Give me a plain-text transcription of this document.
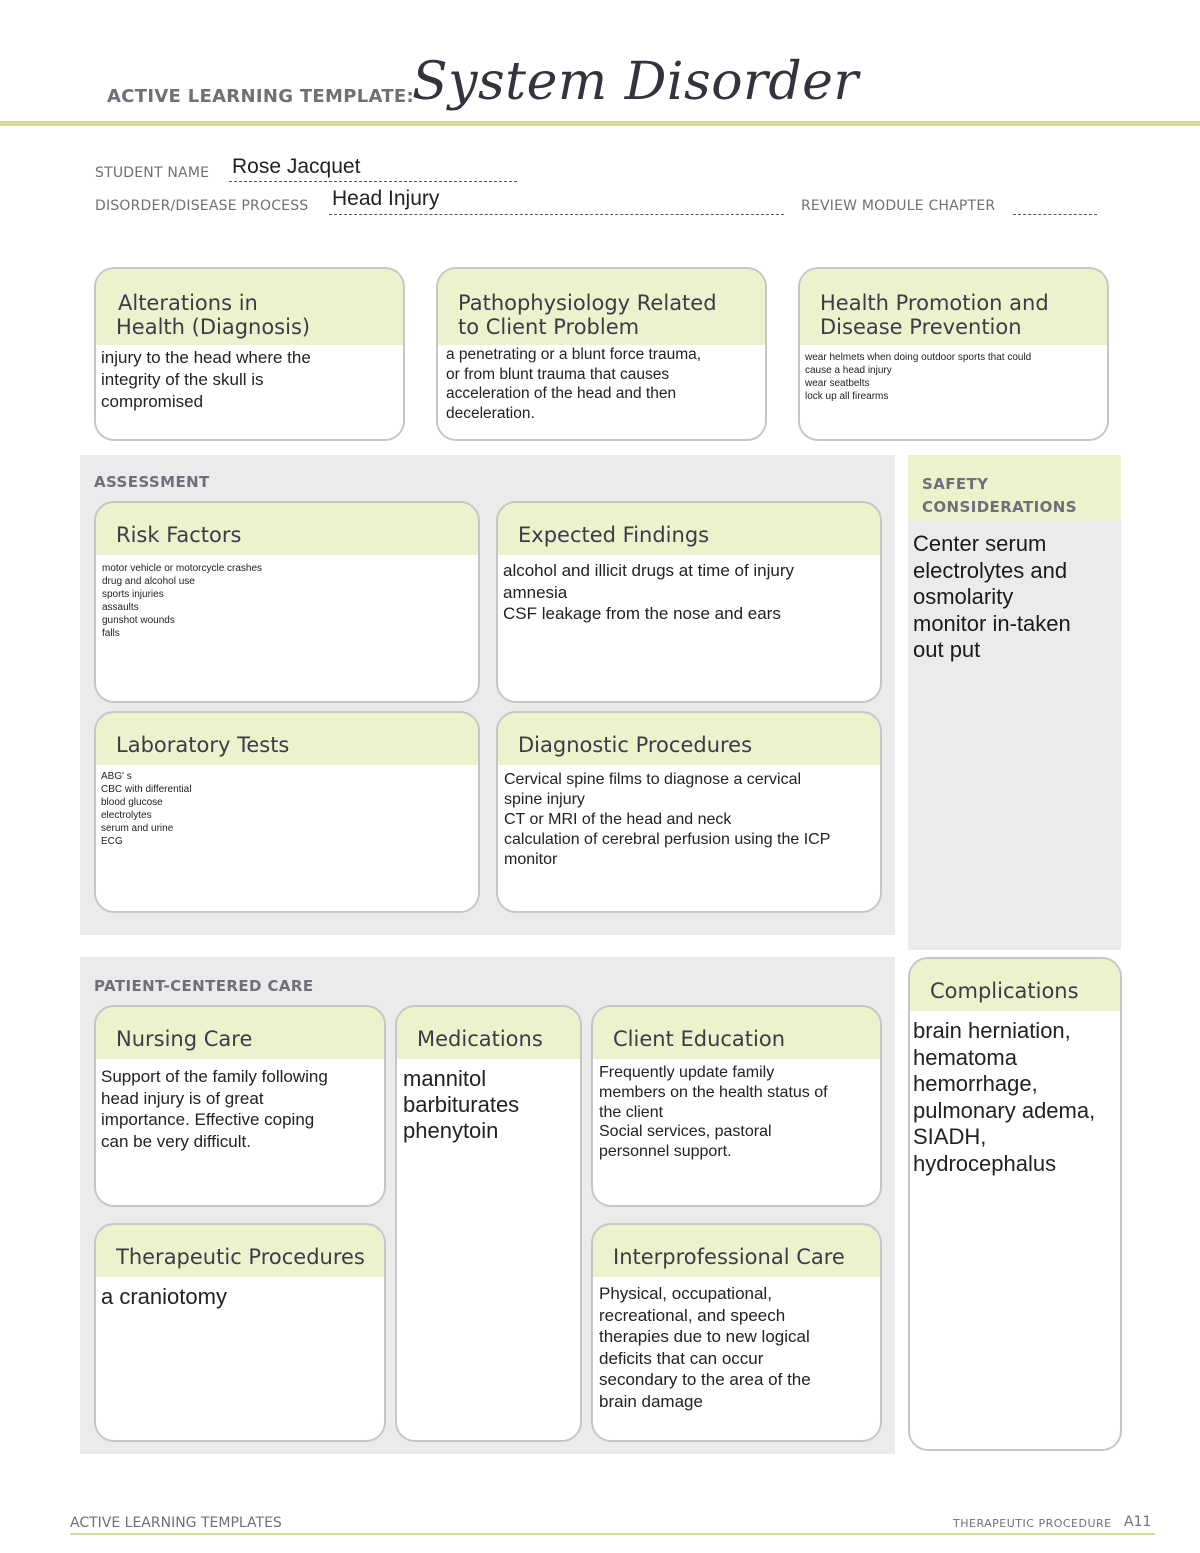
ACTIVE LEARNING TEMPLATE:
System Disorder
STUDENT NAME Rose Jacquet
DISORDER/DISEASE PROCESS Head Injury	REVIEW MODULE CHAPTER
Alterations in
Health (Diagnosis)
injury to the head where the
integrity of the skull is
compromised
Pathophysiology Related
to Client Problem
a penetrating or a blunt force trauma,
or from blunt trauma that causes
acceleration of the head and then
deceleration.
Health Promotion and
Disease Prevention
wear helmets when doing outdoor sports that could
cause a head injury
wear seatbelts
lock up all firearms
ASSESSMENT
Risk Factors
motor vehicle or motorcycle crashes
drug and alcohol use
sports injuries
assaults
gunshot wounds
falls
Expected Findings
alcohol and illicit drugs at time of injury
amnesia
CSF leakage from the nose and ears
Laboratory Tests
ABG' s
CBC with differential
blood glucose
electrolytes
serum and urine
ECG
Diagnostic Procedures
Cervical spine films to diagnose a cervical
spine injury
CT or MRI of the head and neck
calculation of cerebral perfusion using the ICP
monitor
SAFETY
CONSIDERATIONS
Center serum
electrolytes and
osmolarity
monitor in-taken
out put
PATIENT-CENTERED CARE
Nursing Care
Support of the family following
head injury is of great
importance. Effective coping
can be very difficult.
Medications
mannitol
barbiturates
phenytoin
Client Education
Frequently update family
members on the health status of
the client
Social services, pastoral
personnel support.
Therapeutic Procedures
a craniotomy
Interprofessional Care
Physical, occupational,
recreational, and speech
therapies due to new logical
deficits that can occur
secondary to the area of the
brain damage
Complications
brain herniation,
hematoma
hemorrhage,
pulmonary adema,
SIADH,
hydrocephalus
ACTIVE LEARNING TEMPLATES	THERAPEUTIC PROCEDURE A11
